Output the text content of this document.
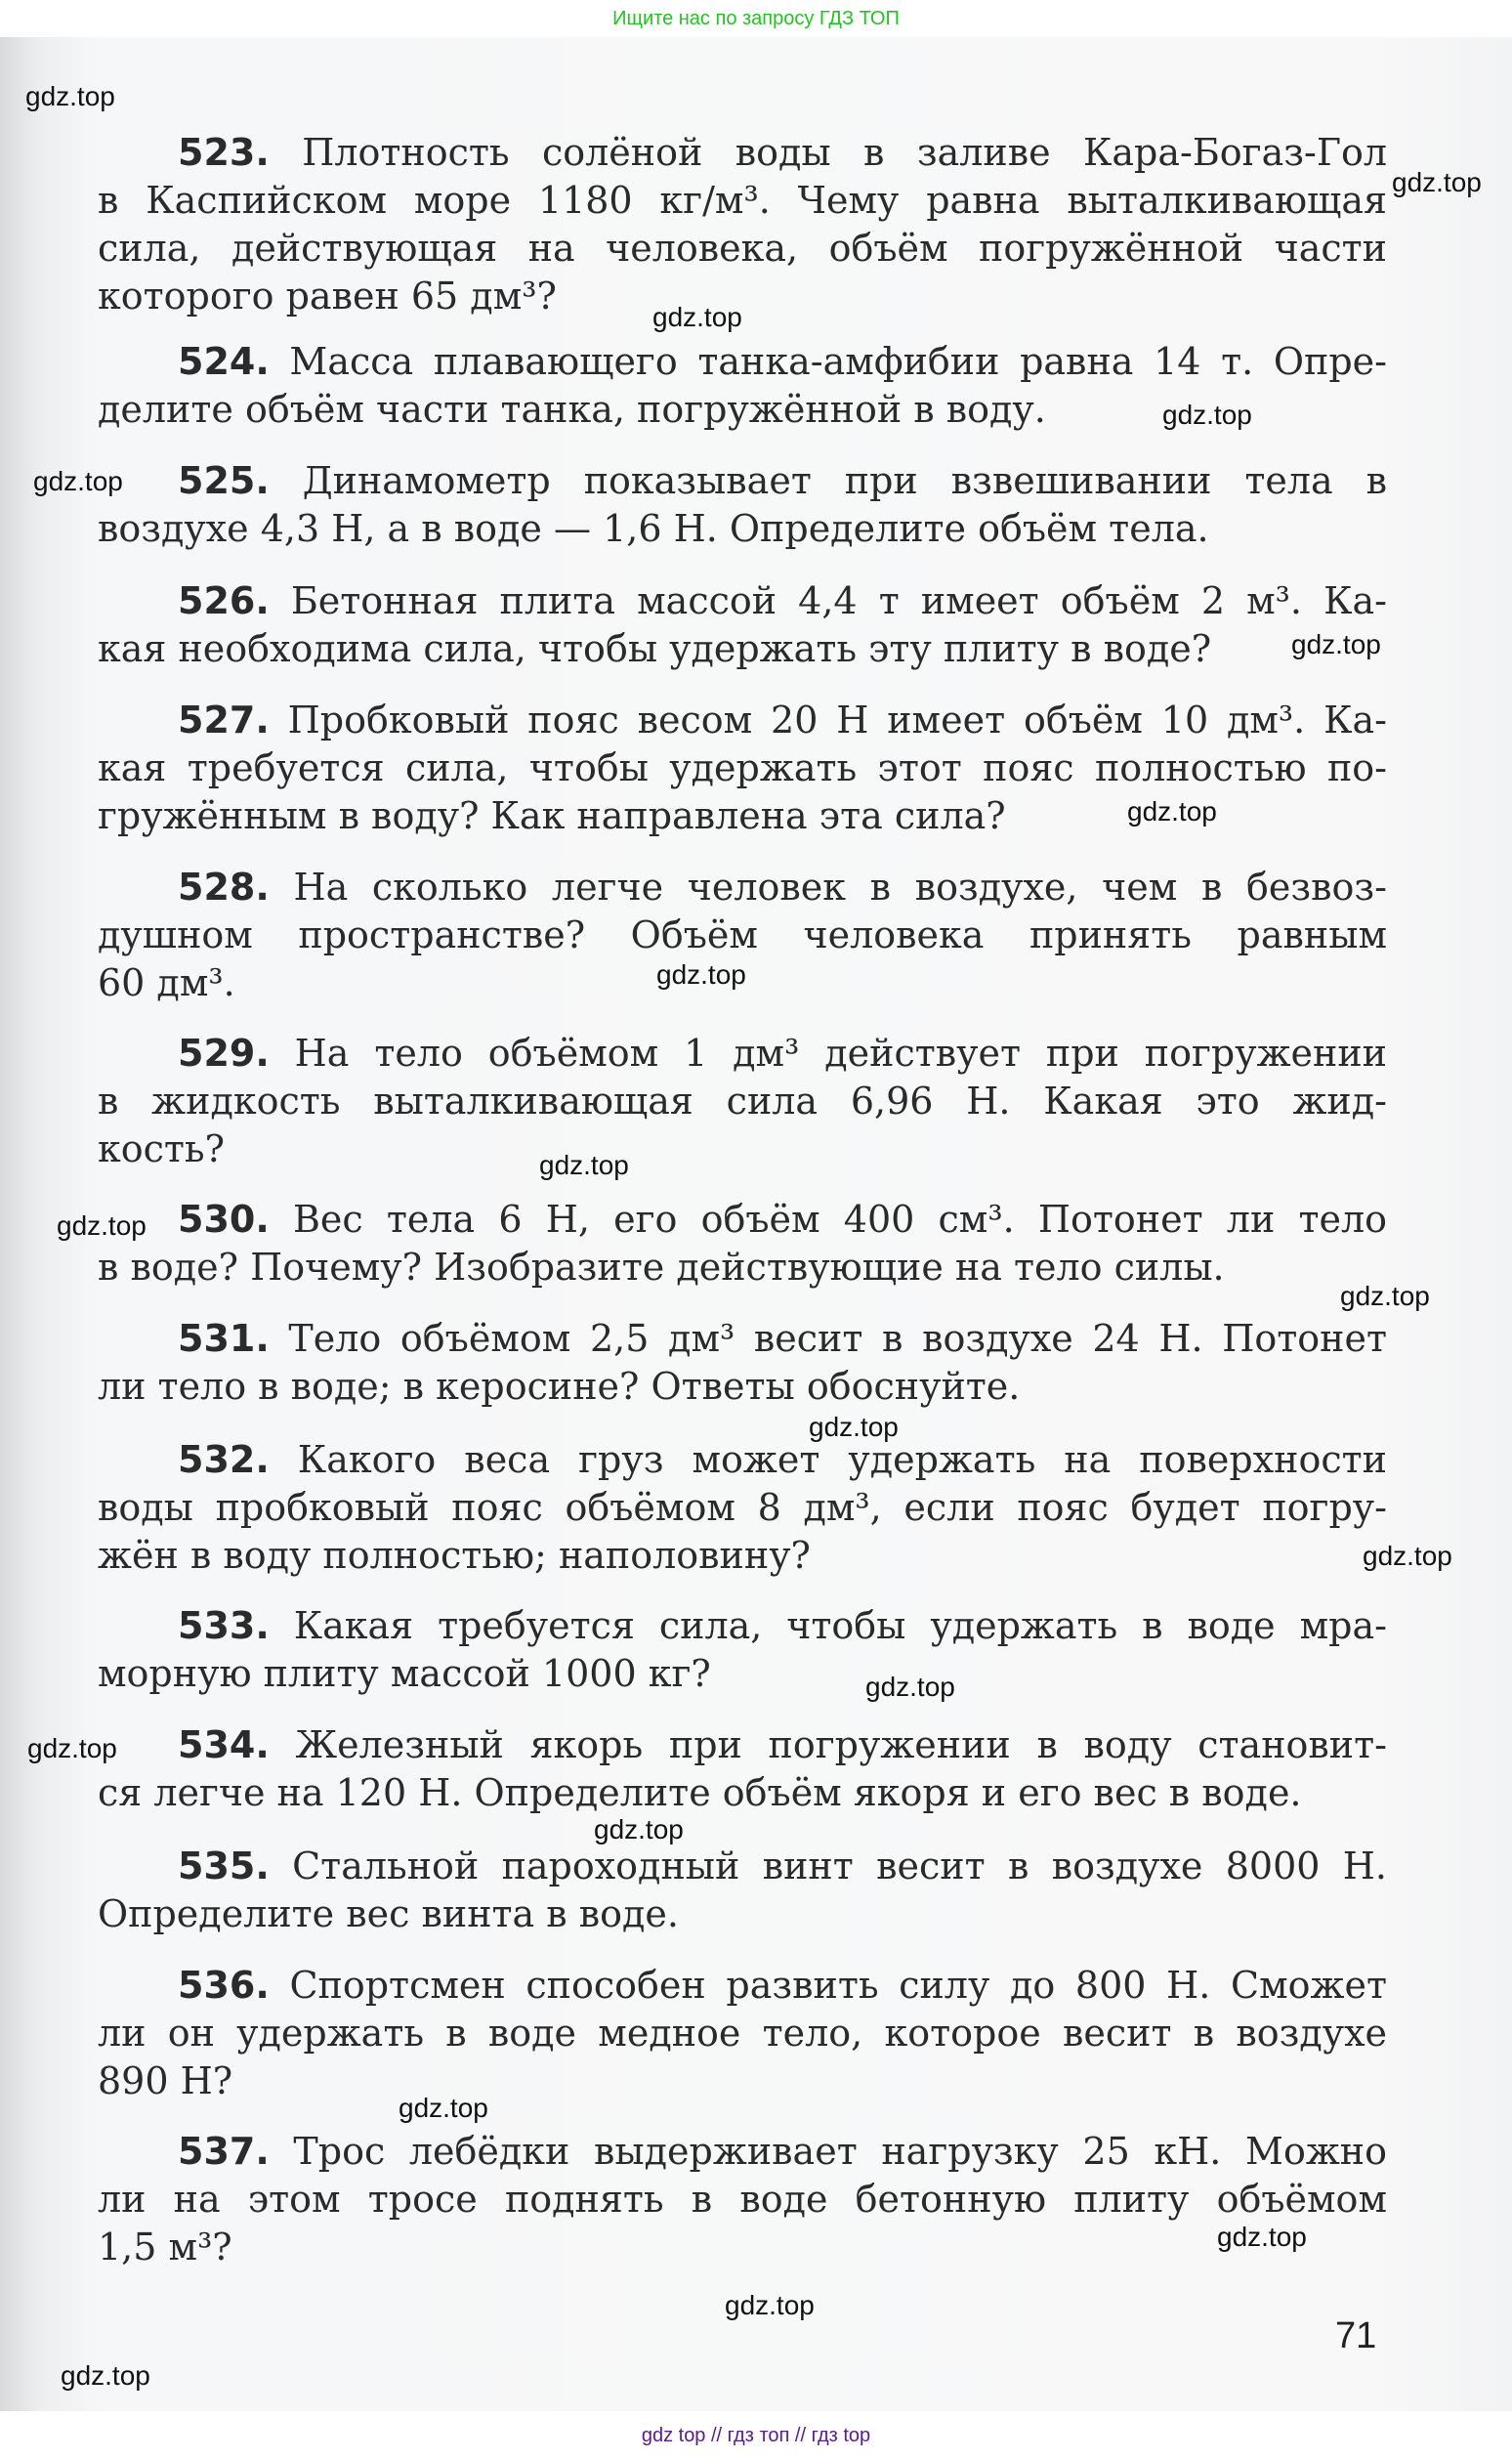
Ищите нас по запросу ГДЗ ТОП
523. Плотность солёной воды в заливе Кара-Богаз-Гол
в Каспийском море 1180 кг/м³. Чему равна выталкивающая
сила, действующая на человека, объём погружённой части
которого равен 65 дм³?
524. Масса плавающего танка-амфибии равна 14 т. Опре-
делите объём части танка, погружённой в воду.
525. Динамометр показывает при взвешивании тела в
воздухе 4,3 Н, а в воде — 1,6 Н. Определите объём тела.
526. Бетонная плита массой 4,4 т имеет объём 2 м³. Ка-
кая необходима сила, чтобы удержать эту плиту в воде?
527. Пробковый пояс весом 20 Н имеет объём 10 дм³. Ка-
кая требуется сила, чтобы удержать этот пояс полностью по-
гружённым в воду? Как направлена эта сила?
528. На сколько легче человек в воздухе, чем в безвоз-
душном пространстве? Объём человека принять равным
60 дм³.
529. На тело объёмом 1 дм³ действует при погружении
в жидкость выталкивающая сила 6,96 Н. Какая это жид-
кость?
530. Вес тела 6 Н, его объём 400 см³. Потонет ли тело
в воде? Почему? Изобразите действующие на тело силы.
531. Тело объёмом 2,5 дм³ весит в воздухе 24 Н. Потонет
ли тело в воде; в керосине? Ответы обоснуйте.
532. Какого веса груз может удержать на поверхности
воды пробковый пояс объёмом 8 дм³, если пояс будет погру-
жён в воду полностью; наполовину?
533. Какая требуется сила, чтобы удержать в воде мра-
морную плиту массой 1000 кг?
534. Железный якорь при погружении в воду становит-
ся легче на 120 Н. Определите объём якоря и его вес в воде.
535. Стальной пароходный винт весит в воздухе 8000 Н.
Определите вес винта в воде.
536. Спортсмен способен развить силу до 800 Н. Сможет
ли он удержать в воде медное тело, которое весит в воздухе
890 Н?
537. Трос лебёдки выдерживает нагрузку 25 кН. Можно
ли на этом тросе поднять в воде бетонную плиту объёмом
1,5 м³?
gdz.top
gdz.top
gdz.top
gdz.top
gdz.top
gdz.top
gdz.top
gdz.top
gdz.top
gdz.top
gdz.top
gdz.top
gdz.top
gdz.top
gdz.top
gdz.top
gdz.top
gdz.top
gdz.top
gdz.top
71
gdz top // гдз топ // гдз top
